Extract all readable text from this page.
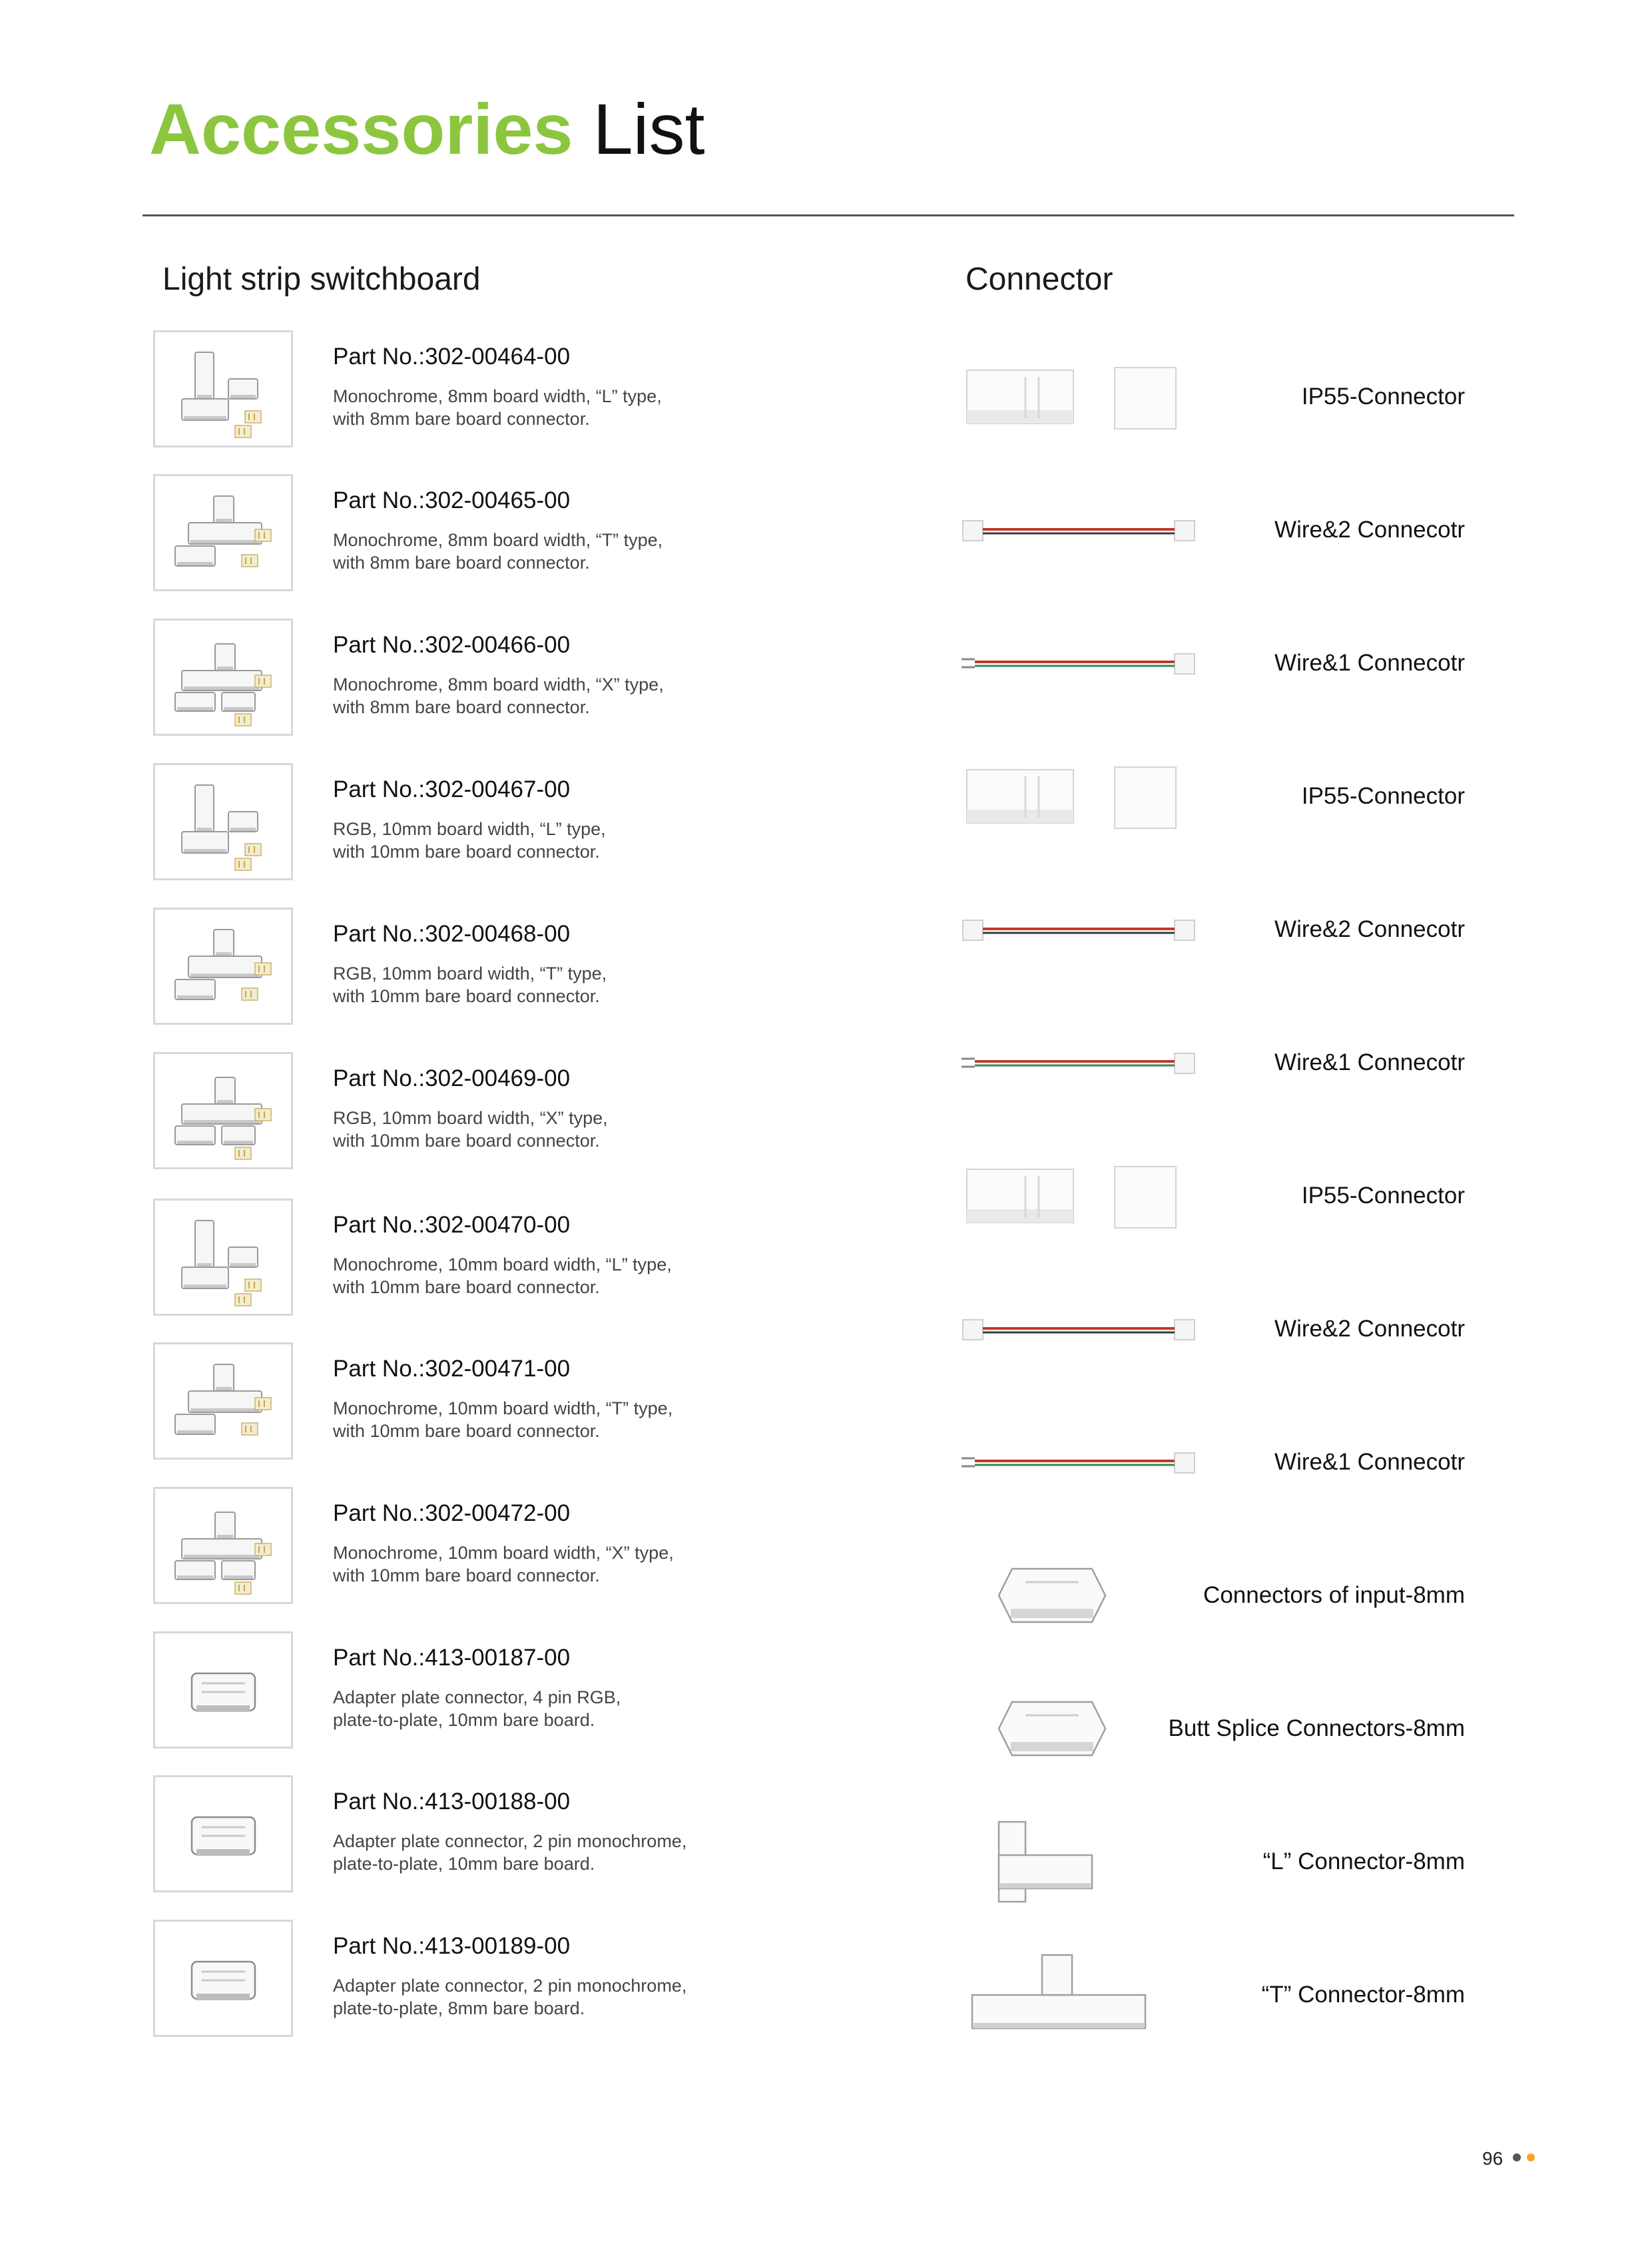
Accessories List
Light strip switchboard	Connector
Part No.:302-00464-00
Monochrome, 8mm board width, “L” type,
with 8mm bare board connector.
Part No.:302-00465-00
Monochrome, 8mm board width, “T” type,
with 8mm bare board connector.
Part No.:302-00466-00
Monochrome, 8mm board width, “X” type,
with 8mm bare board connector.
Part No.:302-00467-00
RGB, 10mm board width, “L” type,
with 10mm bare board connector.
Part No.:302-00468-00
RGB, 10mm board width, “T” type,
with 10mm bare board connector.
Part No.:302-00469-00
RGB, 10mm board width, “X” type,
with 10mm bare board connector.
Part No.:302-00470-00
Monochrome, 10mm board width, “L” type,
with 10mm bare board connector.
Part No.:302-00471-00
Monochrome, 10mm board width, “T” type,
with 10mm bare board connector.
Part No.:302-00472-00
Monochrome, 10mm board width, “X” type,
with 10mm bare board connector.
Part No.:413-00187-00
Adapter plate connector, 4 pin RGB,
plate-to-plate, 10mm bare board.
Part No.:413-00188-00
Adapter plate connector, 2 pin monochrome,
plate-to-plate, 10mm bare board.
Part No.:413-00189-00
Adapter plate connector, 2 pin monochrome,
plate-to-plate, 8mm bare board.
IP55-Connector
Wire&2 Connecotr
Wire&1 Connecotr
IP55-Connector
Wire&2 Connecotr
Wire&1 Connecotr
IP55-Connector
Wire&2 Connecotr
Wire&1 Connecotr
Connectors of input-8mm
Butt Splice Connectors-8mm
“L” Connector-8mm
“T” Connector-8mm
96
